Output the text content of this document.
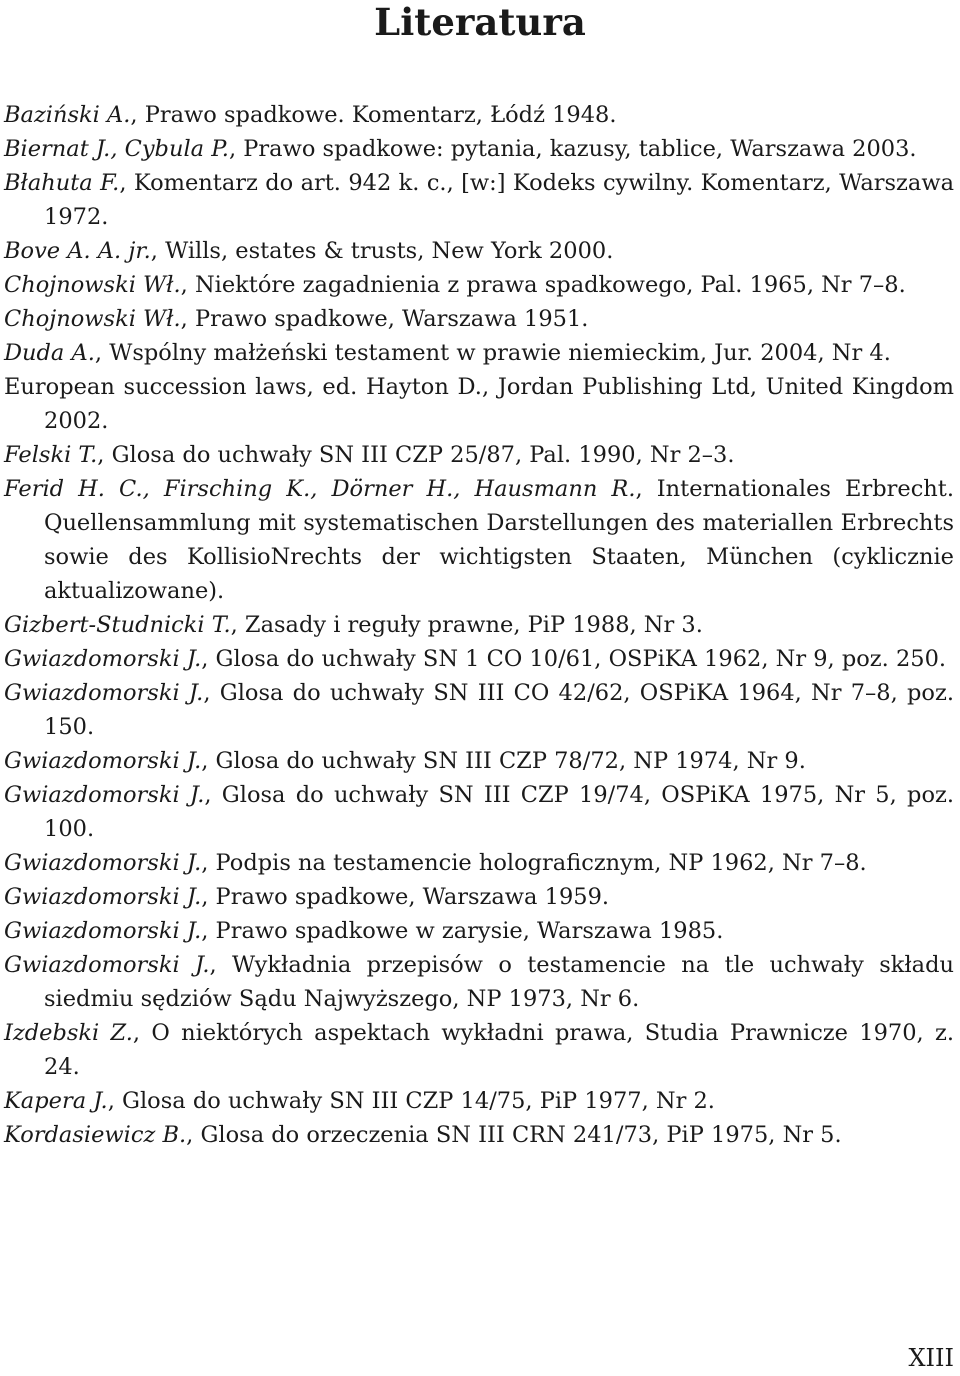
Literatura
Baziński A., Prawo spadkowe. Komentarz, Łódź 1948.
Biernat J., Cybula P., Prawo spadkowe: pytania, kazusy, tablice, Warszawa 2003.
Błahuta F., Komentarz do art. 942 k. c., [w:] Kodeks cywilny. Komentarz, Warszawa 1972.
Bove A. A. jr., Wills, estates & trusts, New York 2000.
Chojnowski Wł., Niektóre zagadnienia z prawa spadkowego, Pal. 1965, Nr 7–8.
Chojnowski Wł., Prawo spadkowe, Warszawa 1951.
Duda A., Wspólny małżeński testament w prawie niemieckim, Jur. 2004, Nr 4.
European succession laws, ed. Hayton D., Jordan Publishing Ltd, United Kingdom 2002.
Felski T., Glosa do uchwały SN III CZP 25/87, Pal. 1990, Nr 2–3.
Ferid H. C., Firsching K., Dörner H., Hausmann R., Internationales Erbrecht. Quellensammlung mit systematischen Darstellungen des materiallen Erbrechts sowie des KollisioNrechts der wichtigsten Staaten, München (cyklicznie aktualizowane).
Gizbert-Studnicki T., Zasady i reguły prawne, PiP 1988, Nr 3.
Gwiazdomorski J., Glosa do uchwały SN 1 CO 10/61, OSPiKA 1962, Nr 9, poz. 250.
Gwiazdomorski J., Glosa do uchwały SN III CO 42/62, OSPiKA 1964, Nr 7–8, poz. 150.
Gwiazdomorski J., Glosa do uchwały SN III CZP 78/72, NP 1974, Nr 9.
Gwiazdomorski J., Glosa do uchwały SN III CZP 19/74, OSPiKA 1975, Nr 5, poz. 100.
Gwiazdomorski J., Podpis na testamencie holograficznym, NP 1962, Nr 7–8.
Gwiazdomorski J., Prawo spadkowe, Warszawa 1959.
Gwiazdomorski J., Prawo spadkowe w zarysie, Warszawa 1985.
Gwiazdomorski J., Wykładnia przepisów o testamencie na tle uchwały składu siedmiu sędziów Sądu Najwyższego, NP 1973, Nr 6.
Izdebski Z., O niektórych aspektach wykładni prawa, Studia Prawnicze 1970, z. 24.
Kapera J., Glosa do uchwały SN III CZP 14/75, PiP 1977, Nr 2.
Kordasiewicz B., Glosa do orzeczenia SN III CRN 241/73, PiP 1975, Nr 5.
XIII
